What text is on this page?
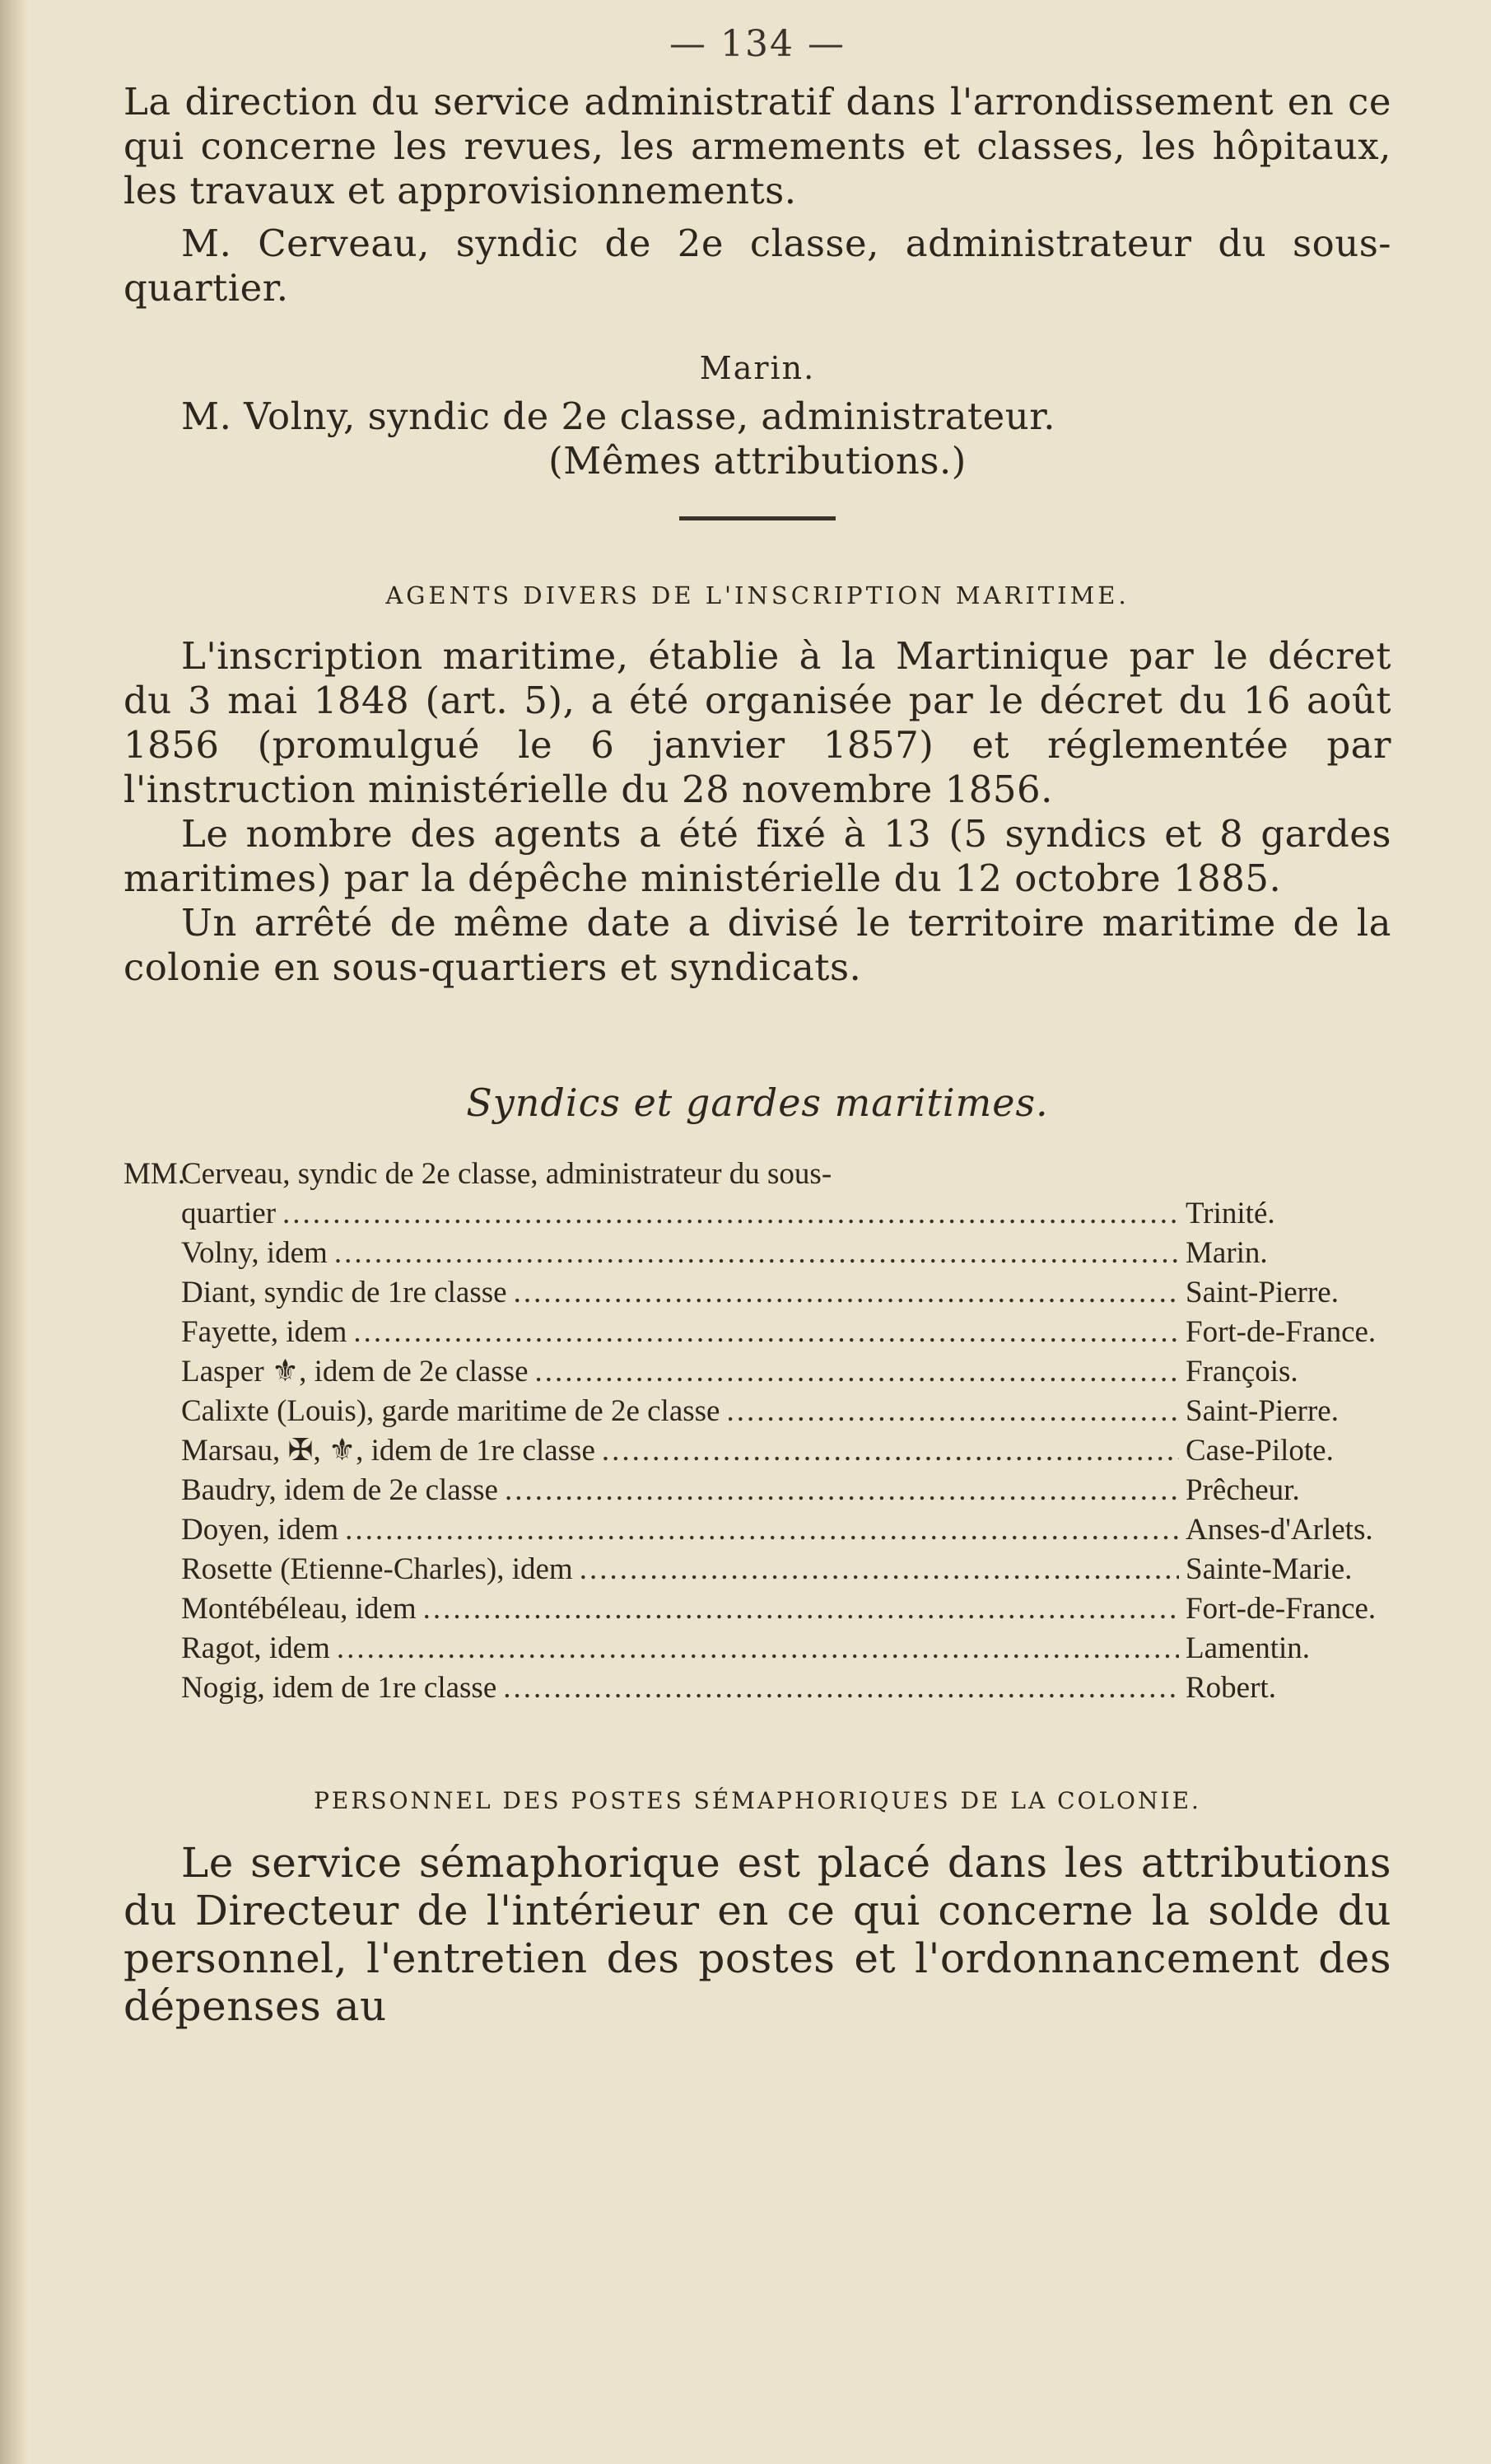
— 134 —

La direction du service administratif dans l'arrondissement en ce qui concerne les revues, les armements et classes, les hôpitaux, les travaux et approvisionnements.

M. Cerveau, syndic de 2e classe, administrateur du sous-quartier.

Marin.

M. Volny, syndic de 2e classe, administrateur.

(Mêmes attributions.)

AGENTS DIVERS DE L'INSCRIPTION MARITIME.

L'inscription maritime, établie à la Martinique par le décret du 3 mai 1848 (art. 5), a été organisée par le décret du 16 août 1856 (promulgué le 6 janvier 1857) et réglementée par l'instruction ministérielle du 28 novembre 1856.

Le nombre des agents a été fixé à 13 (5 syndics et 8 gardes maritimes) par la dépêche ministérielle du 12 octobre 1885.

Un arrêté de même date a divisé le territoire maritime de la colonie en sous-quartiers et syndicats.

Syndics et gardes maritimes.

MM.
Cerveau, syndic de 2e classe, administrateur du sous-
quartier .....	Trinité.
Volny, idem .....	Marin.
Diant, syndic de 1re classe .....	Saint-Pierre.
Fayette, idem .....	Fort-de-France.
Lasper ⚜, idem de 2e classe .....	François.
Calixte (Louis), garde maritime de 2e classe .....	Saint-Pierre.
Marsau, ✠, ⚜, idem de 1re classe .....	Case-Pilote.
Baudry, idem de 2e classe .....	Prêcheur.
Doyen, idem .....	Anses-d'Arlets.
Rosette (Etienne-Charles), idem .....	Sainte-Marie.
Montébéleau, idem .....	Fort-de-France.
Ragot, idem .....	Lamentin.
Nogig, idem de 1re classe .....	Robert.

PERSONNEL DES POSTES SÉMAPHORIQUES DE LA COLONIE.

Le service sémaphorique est placé dans les attributions du Directeur de l'intérieur en ce qui concerne la solde du personnel, l'entretien des postes et l'ordonnancement des dépenses au
